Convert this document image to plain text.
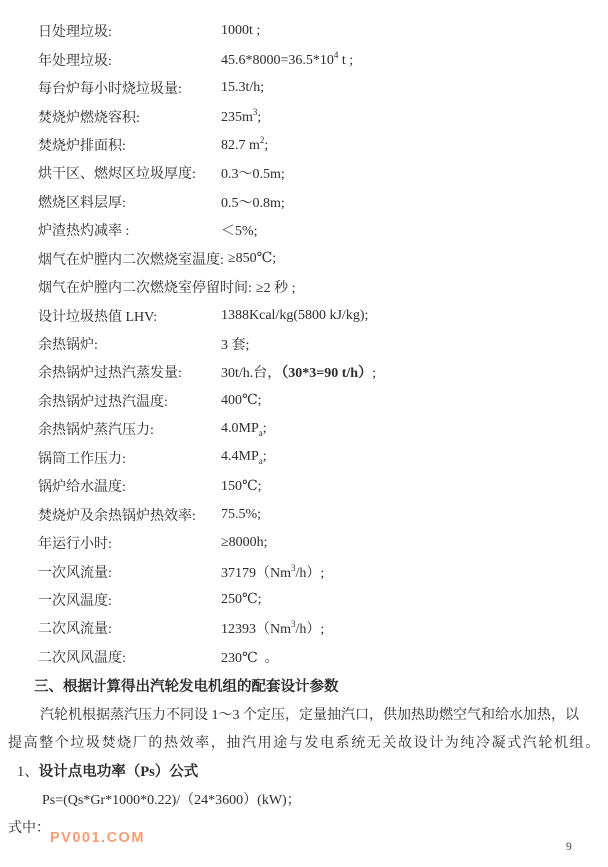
日处理垃圾:	1000t ;
年处理垃圾:	$45.6*8000=36.5*10^4$ t ;
每台炉每小时烧垃圾量:	15.3t/h;
焚烧炉燃烧容积:	$235m^3$;
焚烧炉排面积:	82.7 $m^2$;
烘干区、燃烬区垃圾厚度:	0.3～0.5m;
燃烧区料层厚:	0.5～0.8m;
炉渣热灼减率 :	＜5%;
烟气在炉膛内二次燃烧室温度: ≥850℃;
烟气在炉膛内二次燃烧室停留时间: ≥2 秒 ;
设计垃圾热值 LHV:	1388Kcal/kg(5800 kJ/kg);
余热锅炉:	3 套;
余热锅炉过热汽蒸发量:	30t/h.台，（30*3=90 t/h）;
余热锅炉过热汽温度:	400℃;
余热锅炉蒸汽压力:	$4.0MP_a$;
锅筒工作压力:	$4.4MP_a$;
锅炉给水温度:	150℃;
焚烧炉及余热锅炉热效率:	75.5%;
年运行小时:	≥8000h;
一次风流量:	37179（Nm$^3$/h）;
一次风温度:	250℃;
二次风流量:	12393（Nm$^3$/h）;
二次风风温度:	230℃  。
三、根据计算得出汽轮发电机组的配套设计参数
汽轮机根据蒸汽压力不同设 1～3 个定压，定量抽汽口，供加热助燃空气和给水加热，以
提高整个垃圾焚烧厂的热效率，抽汽用途与发电系统无关故设计为纯冷凝式汽轮机组。
1、 设计点电功率（Ps）公式
Ps=(Qs*Gr*1000*0.22)/（24*3600）(kW)；
式中：
PV001.COM
9
